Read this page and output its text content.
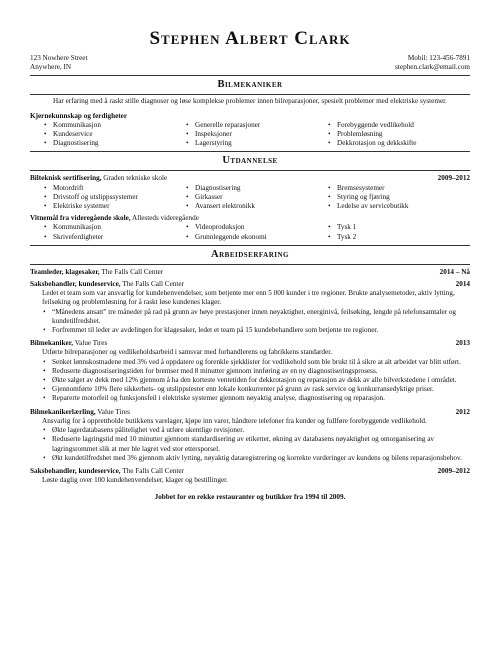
Stephen Albert Clark
123 Nowhere Street
Anywhere, IN
Mobil: 123-456-7891
stephen.clark@email.com
Bilmekaniker
Har erfaring med å raskt stille diagnoser og løse komplekse problemer innen bilreparasjoner, spesielt problemer med elektriske systemer.
Kjernekunnskap og ferdigheter
• Kommunikasjon	• Generelle reparasjoner	• Forebyggende vedlikehold
• Kundeservice	• Inspeksjoner	• Problemløsning
• Diagnostisering	• Lagerstyring	• Dekkrotasjon og dekkskifte
Utdannelse
Bilteknisk sertifisering, Graden tekniske skole	2009–2012
• Motordrift	• Diagnostisering	• Bremsesystemer
• Drivstoff og utslippssystemer	• Girkasser	• Styring og fjæring
• Elektriske systemer	• Avansert elektronikk	• Ledelse av servicebutikk
Vitnemål fra videregående skole, Allesteds videregående
• Kommunikasjon	• Videoproduksjon	• Tysk 1
• Skriveferdigheter	• Grunnleggende økonomi	• Tysk 2
Arbeidserfaring
Teamleder, klagesaker, The Falls Call Center	2014 – Nå
Saksbehandler, kundeservice, The Falls Call Center	2014
Ledet et team som var ansvarlig for kundehenvendelser, som betjente mer enn 5 000 kunder i tre regioner. Brukte analysemetoder, aktiv lytting, feilsøking og problemløsning for å raskt løse kundenes klager.
• “Månedens ansatt” tre måneder på rad på grunn av høye prestasjoner innen nøyaktighet, energinivå, feilsøking, lengde på telefonsamtaler og kundetilfredshet.
• Forfremmet til leder av avdelingen for klagesaker, ledet et team på 15 kundebehandlere som betjente tre regioner.
Bilmekaniker, Value Tires	2013
Utførte bilreparasjoner og vedlikeholdsarbeid i samsvar med forhandlerens og fabrikkens standarder.
• Senket lønnskostnadene med 3% ved å oppdatere og forenkle sjekklister for vedlikehold som ble brukt til å sikre at alt arbeidet var blitt utført.
• Reduserte diagnostiseringstiden for bremser med 8 minutter gjennom innføring av en ny diagnostiseringsprosess.
• Økte salget av dekk med 12% gjennom å ha den korteste ventetiden for dekkrotasjon og reparasjon av dekk av alle bilverkstedene i området.
• Gjennomførte 10% flere sikkerhets- og utslippstester enn lokale konkurrenter på grunn av rask service og konkurransedyktige priser.
• Reparerte motorfeil og funksjonsfeil i elektriske systemer gjennom nøyaktig analyse, diagnostisering og reparasjon.
Bilmekanikerlærling, Value Tires	2012
Ansvarlig for å opprettholde butikkens varelager, kjøpe inn varer, håndtere telefoner fra kunder og fullføre forebyggende vedlikehold.
• Økte lagerdatabasens pålitelighet ved å utføre ukentlige revisjoner.
• Reduserte lagringstid med 10 minutter gjennom standardisering av etiketter, økning av databasens nøyaktighet og omorganisering av lagringsrommet slik at mer ble lagret ved stor ettersporsel.
• Økt kundetilfredshet med 3% gjennom aktiv lytting, nøyaktig dataregistrering og korrekte vurderinger av kundens og bilens reparasjonsbehov.
Saksbehandler, kundeservice, The Falls Call Center	2009–2012
Løste daglig over 100 kundehenvendelser, klager og bestillinger.
Jobbet for en rekke restauranter og butikker fra 1994 til 2009.
